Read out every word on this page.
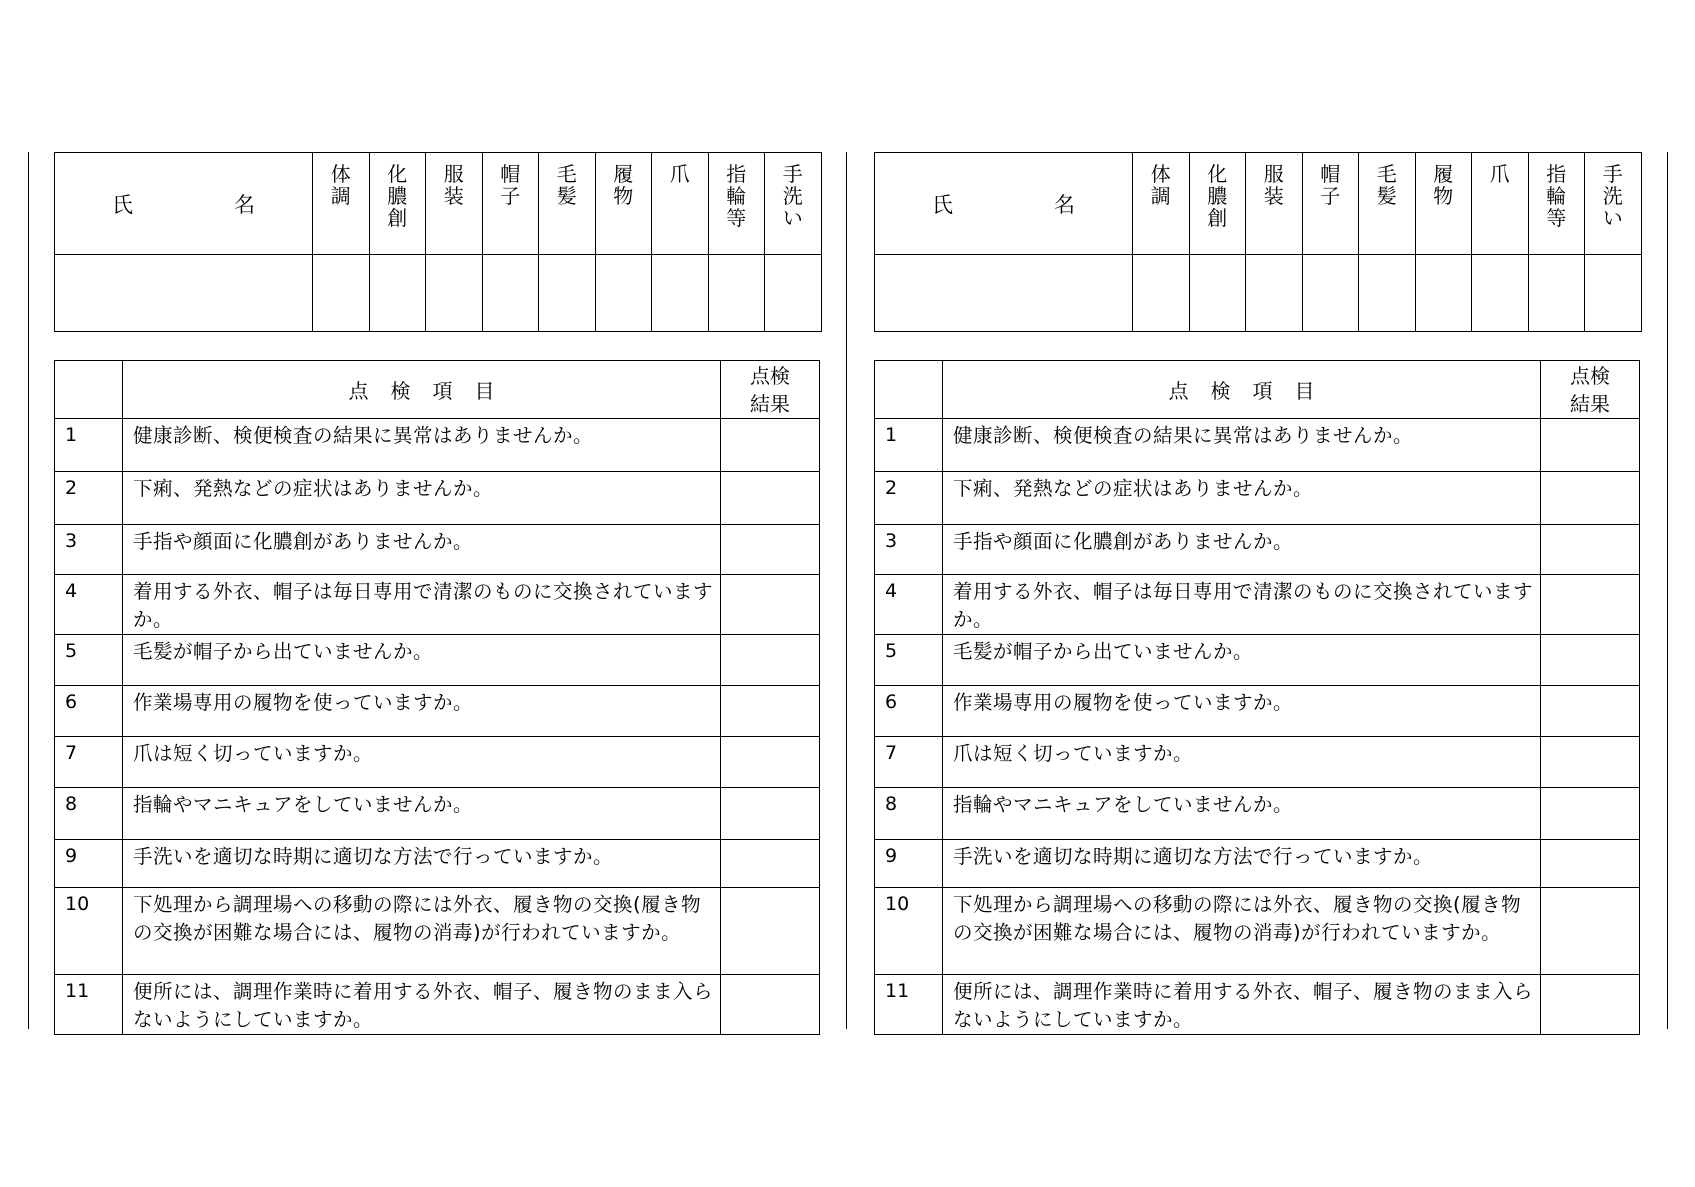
氏　名	体調	化膿創	服装	帽子	毛髪	履物	爪	指輪等	手洗い

	点検項目	点検
結果

1	健康診断、検便検査の結果に異常はありませんか。	
2	下痢、発熱などの症状はありませんか。	
3	手指や顔面に化膿創がありませんか。	
4	着用する外衣、帽子は毎日専用で清潔のものに交換されていますか。	
5	毛髪が帽子から出ていませんか。	
6	作業場専用の履物を使っていますか。	
7	爪は短く切っていますか。	
8	指輪やマニキュアをしていませんか。	
9	手洗いを適切な時期に適切な方法で行っていますか。	
10	下処理から調理場への移動の際には外衣、履き物の交換(履き物の交換が困難な場合には、履物の消毒)が行われていますか。	
11	便所には、調理作業時に着用する外衣、帽子、履き物のまま入らないようにしていますか。	
氏　名	体調	化膿創	服装	帽子	毛髪	履物	爪	指輪等	手洗い

	点検項目	点検
結果

1	健康診断、検便検査の結果に異常はありませんか。	
2	下痢、発熱などの症状はありませんか。	
3	手指や顔面に化膿創がありませんか。	
4	着用する外衣、帽子は毎日専用で清潔のものに交換されていますか。	
5	毛髪が帽子から出ていませんか。	
6	作業場専用の履物を使っていますか。	
7	爪は短く切っていますか。	
8	指輪やマニキュアをしていませんか。	
9	手洗いを適切な時期に適切な方法で行っていますか。	
10	下処理から調理場への移動の際には外衣、履き物の交換(履き物の交換が困難な場合には、履物の消毒)が行われていますか。	
11	便所には、調理作業時に着用する外衣、帽子、履き物のまま入らないようにしていますか。	
